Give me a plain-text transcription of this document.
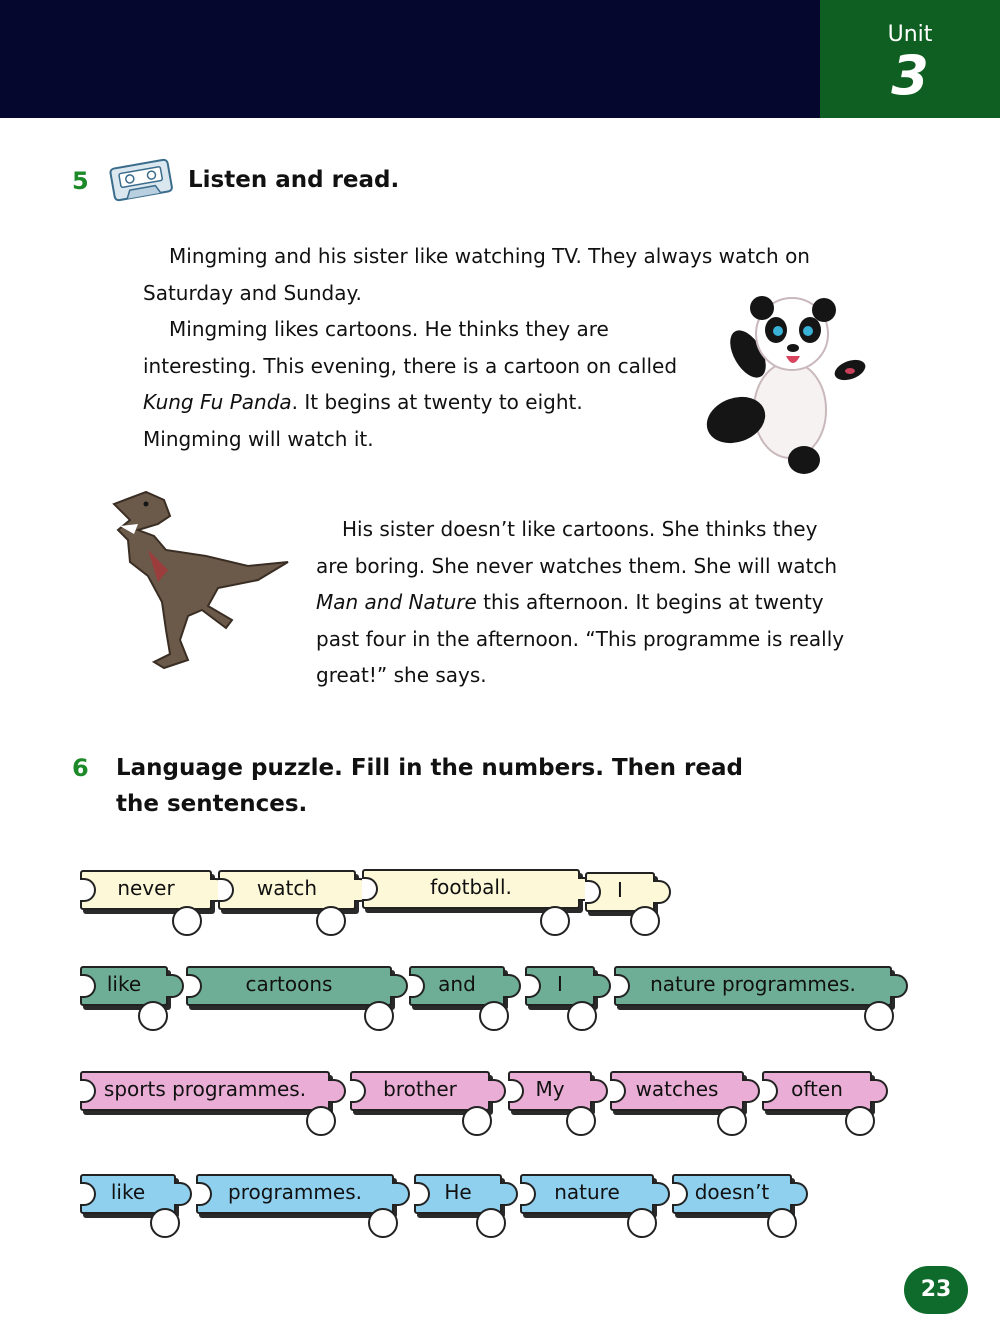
Unit
3
5	Listen and read.

Mingming and his sister like watching TV. They always watch on

Saturday and Sunday.

Mingming likes cartoons. He thinks they are

interesting. This evening, there is a cartoon on called

Kung Fu Panda. It begins at twenty to eight.

Mingming will watch it.

His sister doesn’t like cartoons. She thinks they

are boring. She never watches them. She will watch

Man and Nature this afternoon. It begins at twenty

past four in the afternoon. “This programme is really

great!” she says.

6 Language puzzle. Fill in the numbers. Then read
the sentences.
never	watch	football.	I
like	cartoons	and	I	nature programmes.
sports programmes.	brother	My	watches	often
like	programmes.	He	nature	doesn’t
23
